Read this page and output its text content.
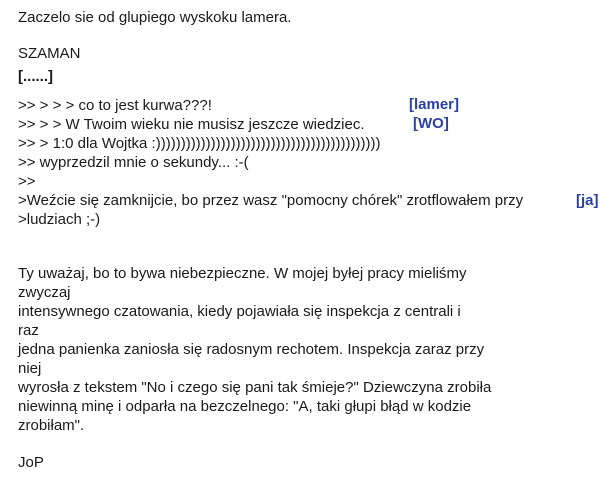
Zaczelo sie od glupiego wyskoku lamera.
SZAMAN
[......]
>> > > > co to jest kurwa???!
>> > > W Twoim wieku nie musisz jeszcze wiedziec.
>> > 1:0 dla Wojtka :)))))))))))))))))))))))))))))))))))))))))))))
>> wyprzedzil mnie o sekundy... :-(
>>
>Weźcie się zamknijcie, bo przez wasz "pomocny chórek" zrotflowałem przy
>ludziach ;-)
[lamer]
[WO]
[ja]
Ty uważaj, bo to bywa niebezpieczne. W mojej byłej pracy mieliśmy
zwyczaj
intensywnego czatowania, kiedy pojawiała się inspekcja z centrali i
raz
jedna panienka zaniosła się radosnym rechotem. Inspekcja zaraz przy
niej
wyrosła z tekstem "No i czego się pani tak śmieje?" Dziewczyna zrobiła
niewinną minę i odparła na bezczelnego: "A, taki głupi błąd w kodzie
zrobiłam".
JoP
